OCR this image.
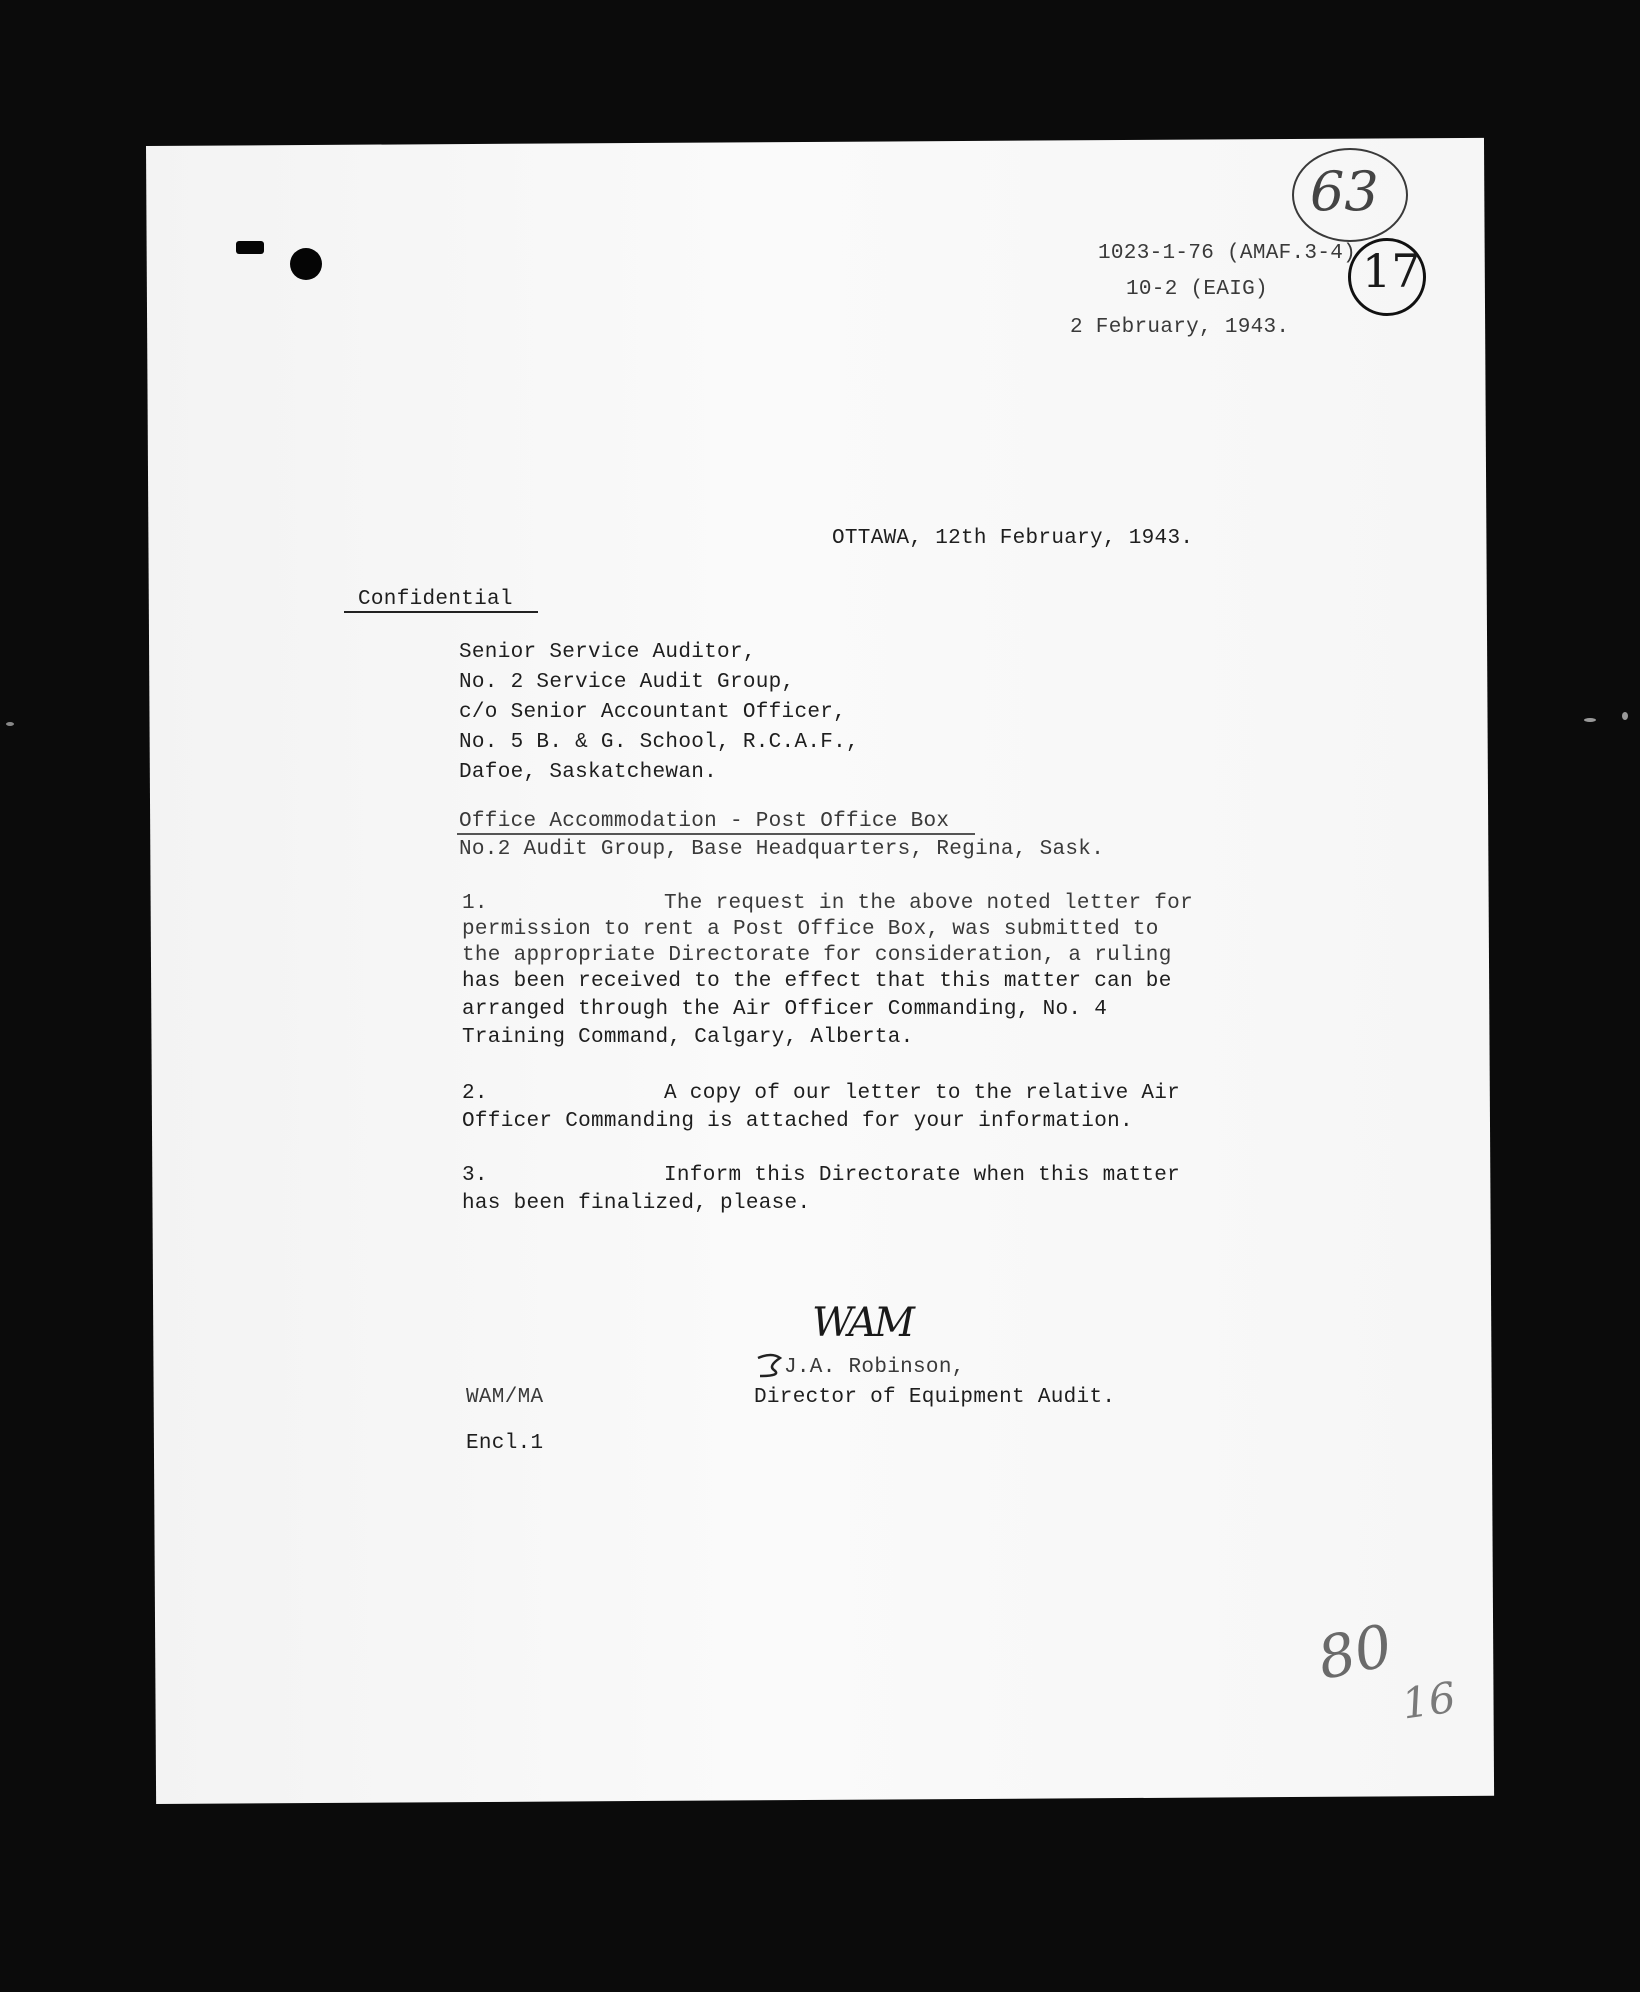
63
17
1023-1-76 (AMAF.3-4)
10-2 (EAIG)
2 February, 1943.
OTTAWA, 12th February, 1943.
Confidential
Senior Service Auditor,
No. 2 Service Audit Group,
c/o Senior Accountant Officer,
No. 5 B. & G. School, R.C.A.F.,
Dafoe, Saskatchewan.
Office Accommodation - Post Office Box
No.2 Audit Group, Base Headquarters, Regina, Sask.
1.	The request in the above noted letter for
permission to rent a Post Office Box, was submitted to
the appropriate Directorate for consideration, a ruling
has been received to the effect that this matter can be
arranged through the Air Officer Commanding, No. 4
Training Command, Calgary, Alberta.
2.	A copy of our letter to the relative Air
Officer Commanding is attached for your information.
3.	Inform this Directorate when this matter
has been finalized, please.
WAM
J.A. Robinson,
Director of Equipment Audit.
WAM/MA
Encl.1
80
16
